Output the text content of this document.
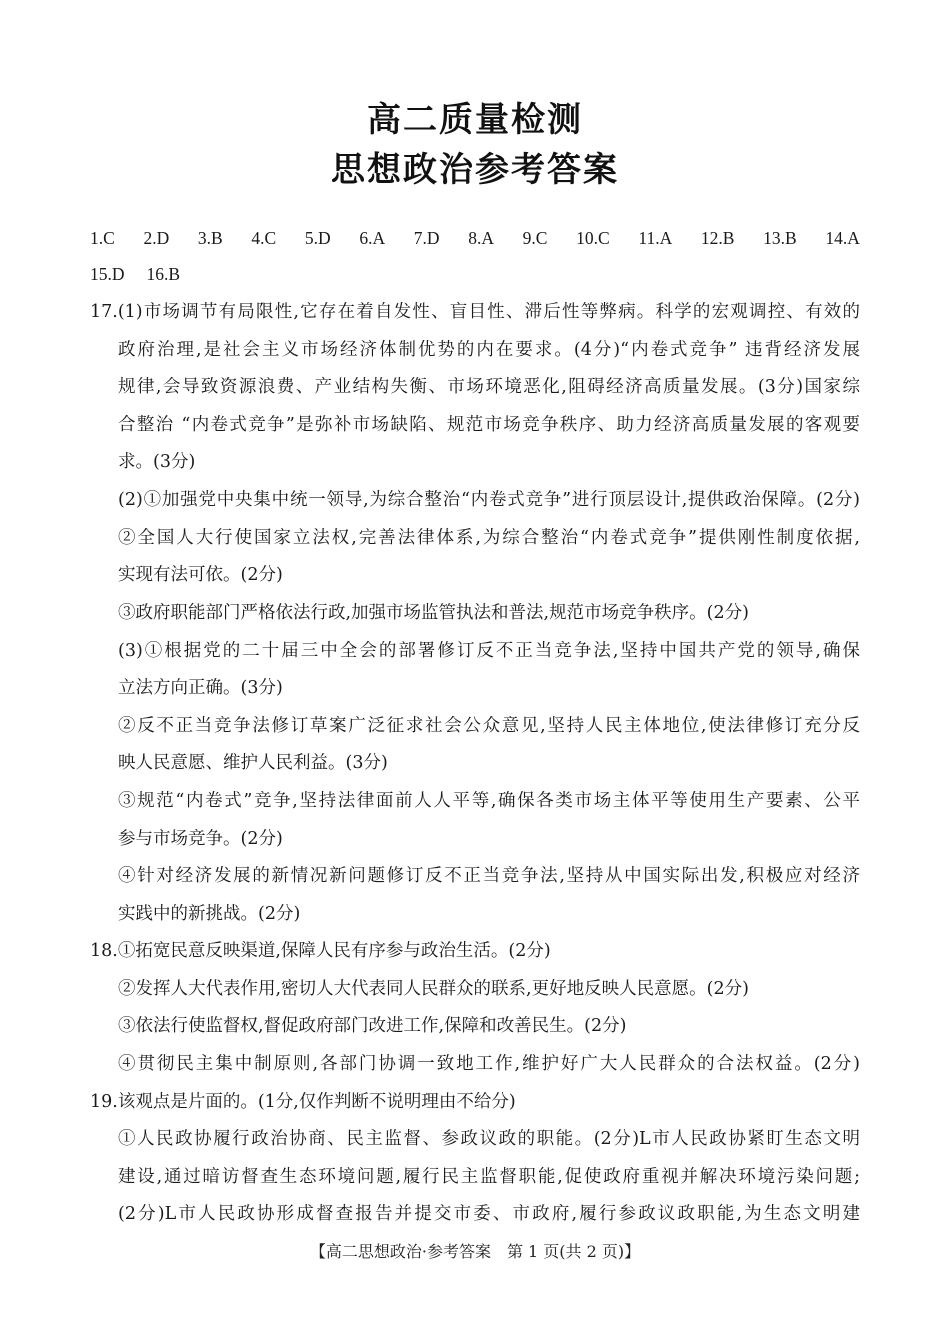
高二质量检测
思想政治参考答案
1.C 2.D 3.B 4.C 5.D 6.A 7.D 8.A 9.C 10.C 11.A 12.B 13.B 14.A
15.D 16.B
17.(1)市场调节有局限性,它存在着自发性、盲目性、滞后性等弊病。科学的宏观调控、有效的
政府治理,是社会主义市场经济体制优势的内在要求。(4分)“内卷式竞争” 违背经济发展
规律,会导致资源浪费、产业结构失衡、市场环境恶化,阻碍经济高质量发展。(3分)国家综
合整治 “内卷式竞争”是弥补市场缺陷、规范市场竞争秩序、助力经济高质量发展的客观要
求。(3分)
(2)①加强党中央集中统一领导,为综合整治“内卷式竞争”进行顶层设计,提供政治保障。(2分)
②全国人大行使国家立法权,完善法律体系,为综合整治“内卷式竞争”提供刚性制度依据,
实现有法可依。(2分)
③政府职能部门严格依法行政,加强市场监管执法和普法,规范市场竞争秩序。(2分)
(3)①根据党的二十届三中全会的部署修订反不正当竞争法,坚持中国共产党的领导,确保
立法方向正确。(3分)
②反不正当竞争法修订草案广泛征求社会公众意见,坚持人民主体地位,使法律修订充分反
映人民意愿、维护人民利益。(3分)
③规范“内卷式”竞争,坚持法律面前人人平等,确保各类市场主体平等使用生产要素、公平
参与市场竞争。(2分)
④针对经济发展的新情况新问题修订反不正当竞争法,坚持从中国实际出发,积极应对经济
实践中的新挑战。(2分)
18.①拓宽民意反映渠道,保障人民有序参与政治生活。(2分)
②发挥人大代表作用,密切人大代表同人民群众的联系,更好地反映人民意愿。(2分)
③依法行使监督权,督促政府部门改进工作,保障和改善民生。(2分)
④贯彻民主集中制原则,各部门协调一致地工作,维护好广大人民群众的合法权益。(2分)
19.该观点是片面的。(1分,仅作判断不说明理由不给分)
①人民政协履行政治协商、民主监督、参政议政的职能。(2分)L市人民政协紧盯生态文明
建设,通过暗访督查生态环境问题,履行民主监督职能,促使政府重视并解决环境污染问题;
(2分)L市人民政协形成督查报告并提交市委、市政府,履行参政议政职能,为生态文明建
【高二思想政治·参考答案　第 1 页(共 2 页)】
